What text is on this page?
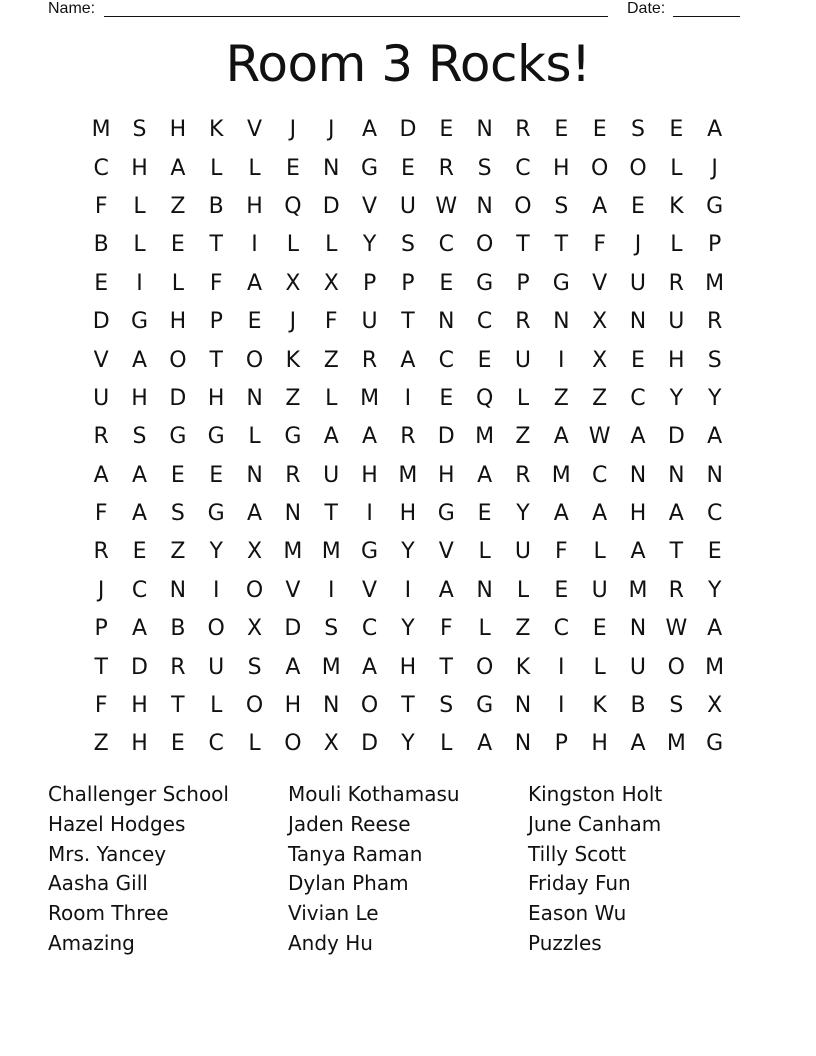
Name:	Date:
Room 3 Rocks!
M S	H	K	V	J	J	A	D	E	N	R	E	E	S	E	A
C	H	A	L	L	E	N G	E	R	S	C	H O O	L	J
F	L	Z	B	H Q D	V	U W N O	S	A	E	K	G
B	L	E	T	I	L	L	Y	S	C O	T	T	F	J	L	P
E	I	L	F	A	X	X	P	P	E	G	P	G	V	U	R M
D G H	P	E	J	F	U	T	N	C	R	N	X	N	U	R
V	A	O	T	O	K	Z	R	A	C	E	U	I	X	E	H	S
U	H D H N	Z	L	M	I	E	Q	L	Z	Z	C	Y	Y
R	S	G G	L	G	A	A	R	D M Z	A W A	D	A
A	A	E	E	N	R	U	H M H	A	R M C	N N N
F	A	S	G	A	N	T	I	H G	E	Y	A	A	H	A	C
R	E	Z	Y	X M M G	Y	V	L	U	F	L	A	T	E
J	C	N	I	O	V	I	V	I	A	N	L	E	U M R	Y
P	A	B	O	X	D	S	C	Y	F	L	Z	C	E	N W A
T	D	R	U	S	A M A	H	T	O	K	I	L	U O M
F	H	T	L	O H N O	T	S	G N	I	K	B	S	X
Z	H	E	C	L	O	X	D	Y	L	A	N	P	H	A M G
Challenger School
Hazel Hodges
Mrs. Yancey
Aasha Gill
Room Three
Amazing
Mouli Kothamasu
Jaden Reese
Tanya Raman
Dylan Pham
Vivian Le
Andy Hu
Kingston Holt
June Canham
Tilly Scott
Friday Fun
Eason Wu
Puzzles
